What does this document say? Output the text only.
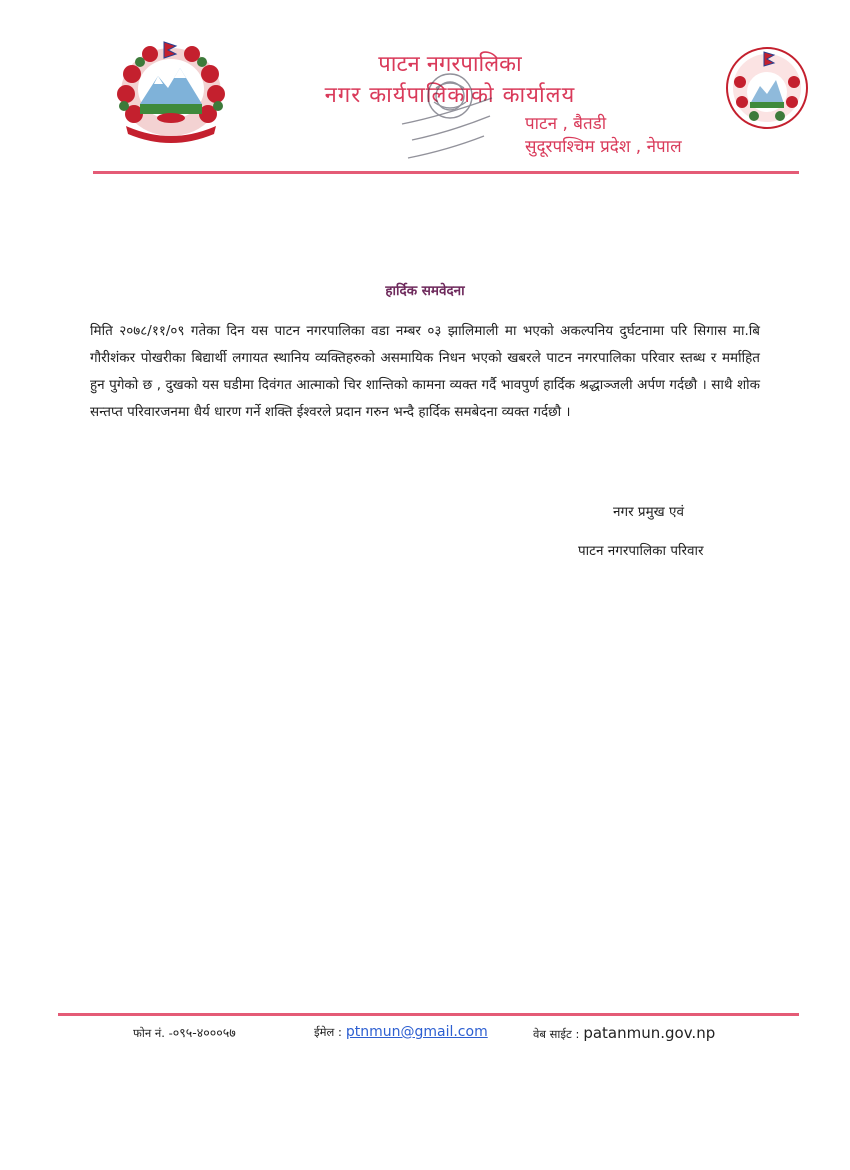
पाटन नगरपालिका
नगर कार्यपालिकाको कार्यालय
पाटन , बैतडी
सुदूरपश्चिम प्रदेश , नेपाल
हार्दिक समवेदना
मिति २०७८/११/०९ गतेका दिन यस पाटन नगरपालिका वडा नम्बर ०३ झालिमाली मा भएको अकल्पनिय दुर्घटनामा परि सिगास मा.बि गौरीशंकर पोखरीका बिद्यार्थी लगायत स्थानिय व्यक्तिहरुको असमायिक निधन भएको खबरले पाटन नगरपालिका परिवार स्तब्ध र मर्माहित हुन पुगेको छ , दुखको यस घडीमा दिवंगत आत्माको चिर शान्तिको कामना व्यक्त गर्दै भावपुर्ण हार्दिक श्रद्धाञ्जली अर्पण गर्दछौ । साथै शोक सन्तप्त परिवारजनमा धैर्य धारण गर्ने शक्ति ईश्वरले प्रदान गरुन भन्दै हार्दिक समबेदना व्यक्त गर्दछौ ।
नगर प्रमुख एवं
पाटन नगरपालिका परिवार
फोन नं. -०९५-४०००५७	ईमेल : ptnmun@gmail.com	वेब साईट : patanmun.gov.np
